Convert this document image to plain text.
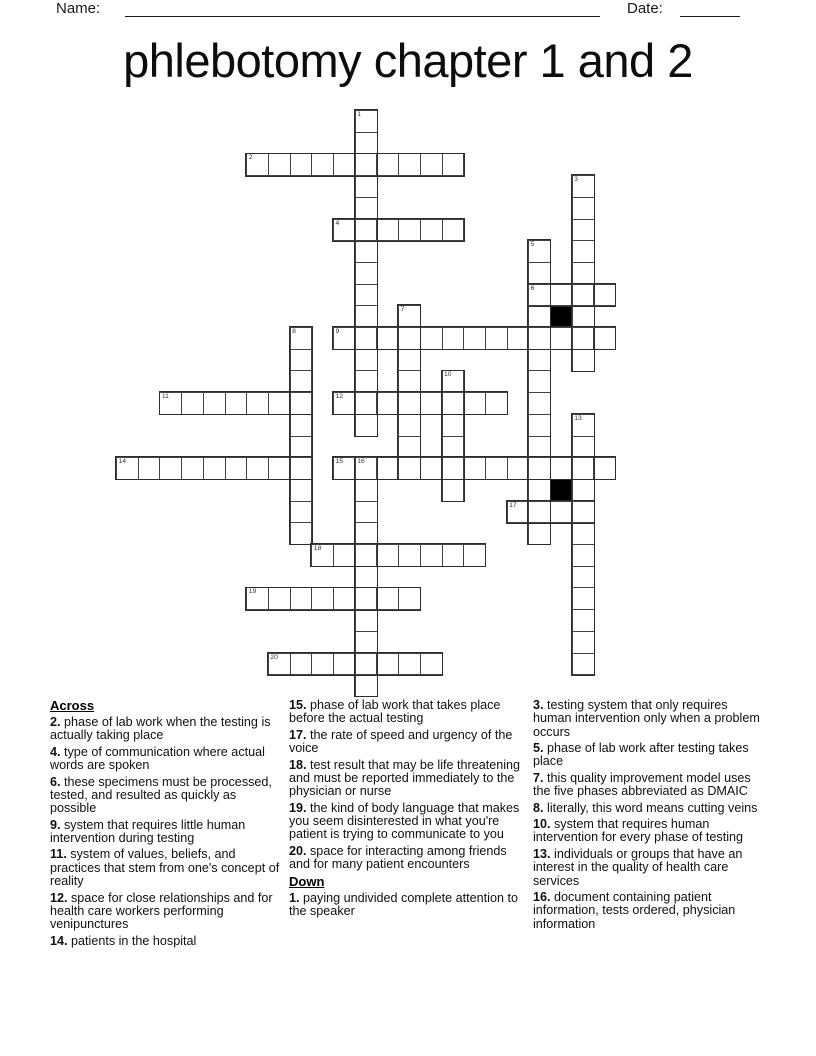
Name:	Date:
phlebotomy chapter 1 and 2
1
2
3
4
5
6
7
8	9
10
11	12
13
14	15 16
17
18
19
20
Across
2. phase of lab work when the testing is actually taking place
4. type of communication where actual words are spoken
6. these specimens must be processed, tested, and resulted as quickly as possible
9. system that requires little human intervention during testing
11. system of values, beliefs, and practices that stem from one's concept of reality
12. space for close relationships and for health care workers performing venipunctures
14. patients in the hospital
15. phase of lab work that takes place before the actual testing
17. the rate of speed and urgency of the voice
18. test result that may be life threatening and must be reported immediately to the physician or nurse
19. the kind of body language that makes you seem disinterested in what you're patient is trying to communicate to you
20. space for interacting among friends and for many patient encounters
Down
1. paying undivided complete attention to the speaker
3. testing system that only requires human intervention only when a problem occurs
5. phase of lab work after testing takes place
7. this quality improvement model uses the five phases abbreviated as DMAIC
8. literally, this word means cutting veins
10. system that requires human intervention for every phase of testing
13. individuals or groups that have an interest in the quality of health care services
16. document containing patient information, tests ordered, physician information
